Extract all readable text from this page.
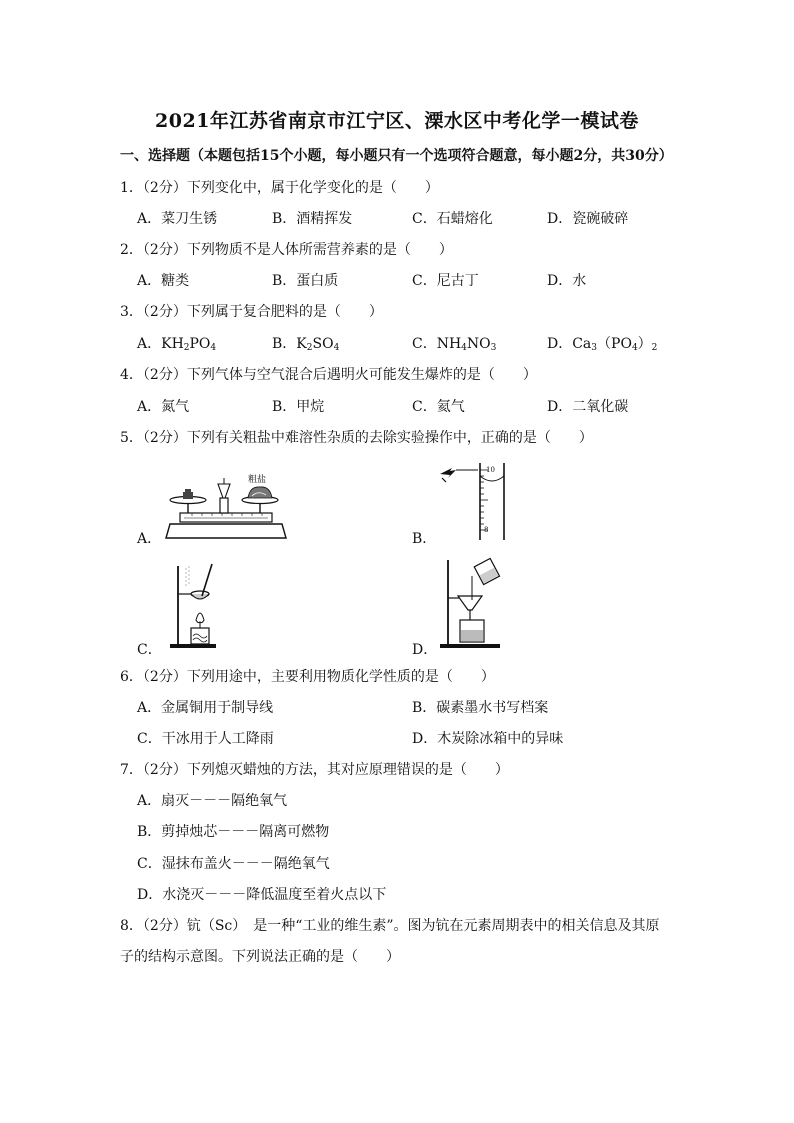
2021年江苏省南京市江宁区、溧水区中考化学一模试卷
一、选择题（本题包括15个小题，每小题只有一个选项符合题意，每小题2分，共30分）
1．（2分）下列变化中，属于化学变化的是（　　）
A．菜刀生锈	B．酒精挥发	C．石蜡熔化	D．瓷碗破碎
2．（2分）下列物质不是人体所需营养素的是（　　）
A．糖类	B．蛋白质	C．尼古丁	D．水
3．（2分）下列属于复合肥料的是（　　）
A．$KH_2PO_4$	B．$K_2SO_4$	C．$NH_4NO_3$	D．$Ca_3(PO_4)_2$
4．（2分）下列气体与空气混合后遇明火可能发生爆炸的是（　　）
A．氮气	B．甲烷	C．氦气	D．二氧化碳
5．（2分）下列有关粗盐中难溶性杂质的去除实验操作中，正确的是（　　）
粗盐
A．
10
8
B．
C．	D．
6．（2分）下列用途中，主要利用物质化学性质的是（　　）
A．金属铜用于制导线	B．碳素墨水书写档案
C．干冰用于人工降雨	D．木炭除冰箱中的异味
7．（2分）下列熄灭蜡烛的方法，其对应原理错误的是（　　）
A．扇灭－－－隔绝氧气
B．剪掉烛芯－－－隔离可燃物
C．湿抹布盖火－－－隔绝氧气
D．水浇灭－－－降低温度至着火点以下
8．（2分）钪（Sc）　是一种“工业的维生素”。图为钪在元素周期表中的相关信息及其原
子的结构示意图。下列说法正确的是（　　）
